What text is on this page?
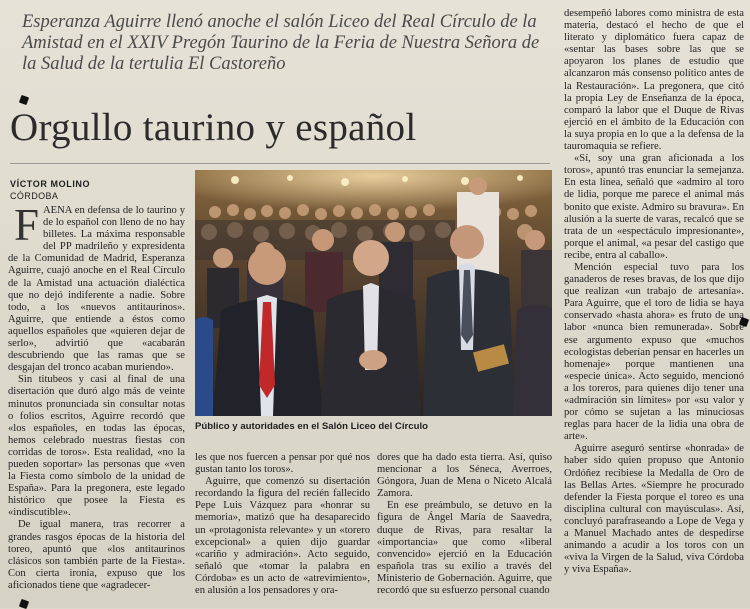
Esperanza Aguirre llenó anoche el salón Liceo del Real Círculo de la Amistad en el XXIV Pregón Taurino de la Feria de Nuestra Señora de la Salud de la tertulia El Castoreño
Orgullo taurino y español
VÍCTOR MOLINO
CÓRDOBA
F AENA en defensa de lo taurino y de lo español con lleno de no hay billetes. La máxima responsable del PP madrileño y expresidenta de la Comunidad de Madrid, Esperanza Aguirre, cuajó anoche en el Real Círculo de la Amistad una actuación dialéctica que no dejó indiferente a nadie. Sobre todo, a los «nuevos antitaurinos». Aguirre, que entiende a éstos como aquellos españoles que «quieren dejar de serlo», advirtió que «acabarán descubriendo que las ramas que se desgajan del tronco acaban muriendo».

Sin titubeos y casi al final de una disertación que duró algo más de veinte minutos pronunciada sin consultar notas o folios escritos, Aguirre recordó que «los españoles, en todas las épocas, hemos celebrado nuestras fiestas con corridas de toros». Esta realidad, «no la pueden soportar» las personas que «ven la Fiesta como símbolo de la unidad de España». Para la pregonera, este legado histórico que posee la Fiesta es «indiscutible».

De igual manera, tras recorrer a grandes rasgos épocas de la historia del toreo, apuntó que «los antitaurinos clásicos son también parte de la Fiesta». Con cierta ironía, expuso que los aficionados tiene que «agradecer-

Público y autoridades en el Salón Liceo del Círculo

les que nos fuercen a pensar por qué nos gustan tanto los toros».

Aguirre, que comenzó su disertación recordando la figura del recién fallecido Pepe Luis Vázquez para «honrar su memoria», matizó que ha desaparecido un «protagonista relevante» y un «torero excepcional» a quien dijo guardar «cariño y admiración». Acto seguido, señaló que «tomar la palabra en Córdoba» es un acto de «atrevimiento», en alusión a los pensadores y ora-

dores que ha dado esta tierra. Así, quiso mencionar a los Séneca, Averroes, Góngora, Juan de Mena o Niceto Alcalá Zamora.

En ese preámbulo, se detuvo en la figura de Ángel María de Saavedra, duque de Rivas, para resaltar la «importancia» que como «liberal convencido» ejerció en la Educación española tras su exilio a través del Ministerio de Gobernación. Aguirre, que recordó que su esfuerzo personal cuando

desempeñó labores como ministra de esta materia, destacó el hecho de que el literato y diplomático fuera capaz de «sentar las bases sobre las que se apoyaron los planes de estudio que alcanzaron más consenso político antes de la Restauración». La pregonera, que citó la propia Ley de Enseñanza de la época, comparó la labor que el Duque de Rivas ejerció en el ámbito de la Educación con la suya propia en lo que a la defensa de la tauromaquia se refiere.

«Sí, soy una gran aficionada a los toros», apuntó tras enunciar la semejanza. En esta línea, señaló que «admiro al toro de lidia, porque me parece el animal más bonito que existe. Admiro su bravura». En alusión a la suerte de varas, recalcó que se trata de un «espectáculo impresionante», porque el animal, «a pesar del castigo que recibe, entra al caballo».

Mención especial tuvo para los ganaderos de reses bravas, de los que dijo que realizan «un trabajo de artesanía». Para Aguirre, que el toro de lidia se haya conservado «hasta ahora» es fruto de una labor «nunca bien remunerada». Sobre ese argumento expuso que «muchos ecologistas deberían pensar en hacerles un homenaje» porque mantienen una «especie única». Acto seguido, mencionó a los toreros, para quienes dijo tener una «admiración sin límites» por «su valor y por cómo se sujetan a las minuciosas reglas para hacer de la lidia una obra de arte».

Aguirre aseguró sentirse «honrada» de haber sido quien propuso que Antonio Ordóñez recibiese la Medalla de Oro de las Bellas Artes. «Siempre he procurado defender la Fiesta porque el toreo es una disciplina cultural con mayúsculas». Así, concluyó parafraseando a Lope de Vega y a Manuel Machado antes de despedirse animando a acudir a los toros con un «viva la Virgen de la Salud, viva Córdoba y viva España».
